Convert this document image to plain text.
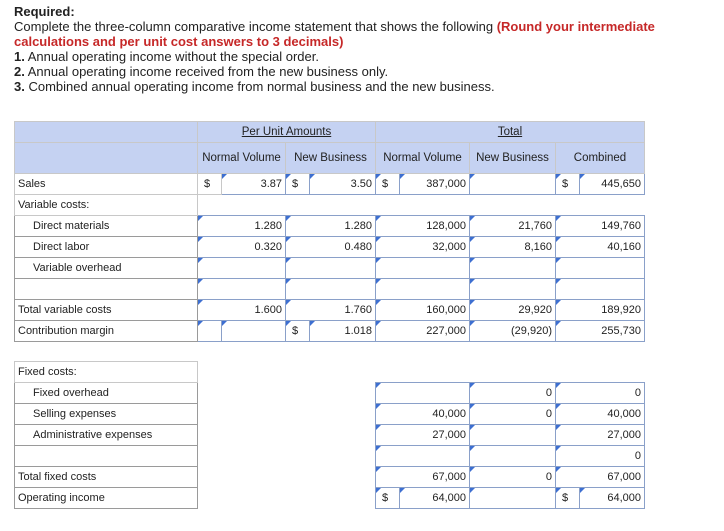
Required:
Complete the three-column comparative income statement that shows the following (Round your intermediate calculations and per unit cost answers to 3 decimals)
1. Annual operating income without the special order.
2. Annual operating income received from the new business only.
3. Combined annual operating income from normal business and the new business.
	Per Unit Amounts				Total				
	Normal Volume		New Business		Normal Volume		New Business	Combined	
Sales	$	3.87	$	3.50	$	387,000		$	445,650
Variable costs:									
Direct materials	1.280		1.280		128,000		21,760	149,760	
Direct labor	0.320		0.480		32,000		8,160	40,160	
Variable overhead									

Total variable costs	1.600		1.760		160,000		29,920	189,920	
Contribution margin			$	1.018	227,000		(29,920)	255,730	

Fixed costs:									
Fixed overhead							0	0	
Selling expenses					40,000		0	40,000	
Administrative expenses					27,000			27,000	
								0	
Total fixed costs					67,000		0	67,000	
Operating income					$	64,000		$	64,000
